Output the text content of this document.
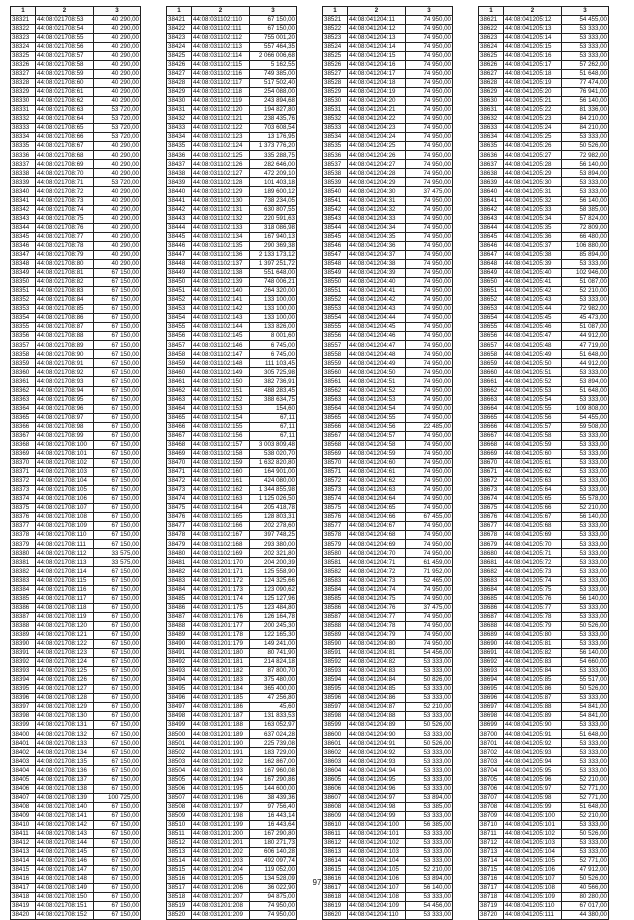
1	2	3
38321	44:08:021708:53	40 290,00
38322	44:08:021708:54	40 290,00
38323	44:08:021708:55	40 290,00
38324	44:08:021708:56	40 290,00
38325	44:08:021708:57	40 290,00
38326	44:08:021708:58	40 290,00
38327	44:08:021708:59	40 290,00
38328	44:08:021708:60	40 290,00
38329	44:08:021708:61	40 290,00
38330	44:08:021708:62	40 290,00
38331	44:08:021708:63	53 720,00
38332	44:08:021708:64	53 720,00
38333	44:08:021708:65	53 720,00
38334	44:08:021708:66	53 720,00
38335	44:08:021708:67	40 290,00
38336	44:08:021708:68	40 290,00
38337	44:08:021708:69	40 290,00
38338	44:08:021708:70	40 290,00
38339	44:08:021708:71	53 720,00
38340	44:08:021708:72	40 290,00
38341	44:08:021708:73	40 290,00
38342	44:08:021708:74	40 290,00
38343	44:08:021708:75	40 290,00
38344	44:08:021708:76	40 290,00
38345	44:08:021708:77	40 290,00
38346	44:08:021708:78	40 290,00
38347	44:08:021708:79	40 290,00
38348	44:08:021708:80	40 290,00
38349	44:08:021708:81	67 150,00
38350	44:08:021708:82	67 150,00
38351	44:08:021708:83	67 150,00
38352	44:08:021708:84	67 150,00
38353	44:08:021708:85	67 150,00
38354	44:08:021708:86	67 150,00
38355	44:08:021708:87	67 150,00
38356	44:08:021708:88	67 150,00
38357	44:08:021708:89	67 150,00
38358	44:08:021708:90	67 150,00
38359	44:08:021708:91	67 150,00
38360	44:08:021708:92	67 150,00
38361	44:08:021708:93	67 150,00
38362	44:08:021708:94	67 150,00
38363	44:08:021708:95	67 150,00
38364	44:08:021708:96	67 150,00
38365	44:08:021708:97	67 150,00
38366	44:08:021708:98	67 150,00
38367	44:08:021708:99	67 150,00
38368	44:08:021708:100	67 150,00
38369	44:08:021708:101	67 150,00
38370	44:08:021708:102	67 150,00
38371	44:08:021708:103	67 150,00
38372	44:08:021708:104	67 150,00
38373	44:08:021708:105	67 150,00
38374	44:08:021708:106	67 150,00
38375	44:08:021708:107	67 150,00
38376	44:08:021708:108	67 150,00
38377	44:08:021708:109	67 150,00
38378	44:08:021708:110	67 150,00
38379	44:08:021708:111	67 150,00
38380	44:08:021708:112	33 575,00
38381	44:08:021708:113	33 575,00
38382	44:08:021708:114	67 150,00
38383	44:08:021708:115	67 150,00
38384	44:08:021708:116	67 150,00
38385	44:08:021708:117	67 150,00
38386	44:08:021708:118	67 150,00
38387	44:08:021708:119	67 150,00
38388	44:08:021708:120	67 150,00
38389	44:08:021708:121	67 150,00
38390	44:08:021708:122	67 150,00
38391	44:08:021708:123	67 150,00
38392	44:08:021708:124	67 150,00
38393	44:08:021708:125	67 150,00
38394	44:08:021708:126	67 150,00
38395	44:08:021708:127	67 150,00
38396	44:08:021708:128	67 150,00
38397	44:08:021708:129	67 150,00
38398	44:08:021708:130	67 150,00
38399	44:08:021708:131	67 150,00
38400	44:08:021708:132	67 150,00
38401	44:08:021708:133	67 150,00
38402	44:08:021708:134	67 150,00
38403	44:08:021708:135	67 150,00
38404	44:08:021708:136	67 150,00
38405	44:08:021708:137	67 150,00
38406	44:08:021708:138	67 150,00
38407	44:08:021708:139	100 725,00
38408	44:08:021708:140	67 150,00
38409	44:08:021708:141	67 150,00
38410	44:08:021708:142	67 150,00
38411	44:08:021708:143	67 150,00
38412	44:08:021708:144	67 150,00
38413	44:08:021708:145	67 150,00
38414	44:08:021708:146	67 150,00
38415	44:08:021708:147	67 150,00
38416	44:08:021708:148	67 150,00
38417	44:08:021708:149	67 150,00
38418	44:08:021708:150	67 150,00
38419	44:08:021708:151	67 150,00
38420	44:08:021708:152	67 150,00
1	2	3
38421	44:08:031102:110	67 150,00
38422	44:08:031102:111	67 150,00
38423	44:08:031102:112	755 001,20
38424	44:08:031102:113	557 464,35
38425	44:08:031102:114	2 066 006,68
38426	44:08:031102:115	5 162,55
38427	44:08:031102:116	749 385,00
38428	44:08:031102:117	517 502,40
38429	44:08:031102:118	254 088,00
38430	44:08:031102:119	243 894,68
38431	44:08:031102:120	194 827,80
38432	44:08:031102:121	238 435,76
38433	44:08:031102:122	703 608,54
38434	44:08:031102:123	13 176,95
38435	44:08:031102:124	1 373 776,20
38436	44:08:031102:125	335 288,75
38437	44:08:031102:126	282 646,00
38438	44:08:031102:127	472 209,10
38439	44:08:031102:128	101 403,18
38440	44:08:031102:129	189 600,12
38441	44:08:031102:130	738 234,05
38442	44:08:031102:131	630 807,55
38443	44:08:031102:132	220 591,63
38444	44:08:031102:133	318 086,98
38445	44:08:031102:134	167 940,13
38446	44:08:031102:135	290 369,38
38447	44:08:031102:136	2 133 173,12
38448	44:08:031102:137	1 397 251,72
38449	44:08:031102:138	551 648,00
38450	44:08:031102:139	748 006,21
38451	44:08:031102:140	264 320,00
38452	44:08:031102:141	133 100,00
38453	44:08:031102:142	133 100,00
38454	44:08:031102:143	133 100,00
38455	44:08:031102:144	133 826,00
38456	44:08:031102:145	8 001,60
38457	44:08:031102:146	6 745,00
38458	44:08:031102:147	6 745,00
38459	44:08:031102:148	111 103,45
38460	44:08:031102:149	305 725,98
38461	44:08:031102:150	382 736,91
38462	44:08:031102:151	488 283,45
38463	44:08:031102:152	388 634,75
38464	44:08:031102:153	154,60
38465	44:08:031102:154	67,11
38466	44:08:031102:155	67,11
38467	44:08:031102:156	67,11
38468	44:08:031102:157	3 003 809,48
38469	44:08:031102:158	538 020,70
38470	44:08:031102:159	1 632 820,80
38471	44:08:031102:160	164 901,00
38472	44:08:031102:161	424 080,00
38473	44:08:031102:162	1 344 855,98
38474	44:08:031102:163	1 125 026,50
38475	44:08:031102:164	205 418,78
38476	44:08:031102:165	128 803,31
38477	44:08:031102:166	202 278,60
38478	44:08:031102:167	397 748,25
38479	44:08:031102:168	293 380,00
38480	44:08:031102:169	202 321,80
38481	44:08:031201:170	204 200,39
38482	44:08:031201:171	125 558,90
38483	44:08:031201:172	124 325,66
38484	44:08:031201:173	123 090,62
38485	44:08:031201:174	125 127,96
38486	44:08:031201:175	123 484,80
38487	44:08:031201:176	126 164,78
38488	44:08:031201:177	200 245,30
38489	44:08:031201:178	122 165,30
38490	44:08:031201:179	149 241,00
38491	44:08:031201:180	80 741,90
38492	44:08:031201:181	214 824,18
38493	44:08:031201:182	87 800,70
38494	44:08:031201:183	375 480,00
38495	44:08:031201:184	365 400,00
38496	44:08:031201:185	47 256,80
38497	44:08:031201:186	45,60
38498	44:08:031201:187	131 833,53
38499	44:08:031201:188	163 052,97
38500	44:08:031201:189	637 024,28
38501	44:08:031201:190	225 739,08
38502	44:08:031201:191	183 729,00
38503	44:08:031201:192	162 867,00
38504	44:08:031201:193	167 960,08
38505	44:08:031201:194	167 290,86
38506	44:08:031201:195	144 600,00
38507	44:08:031201:196	38 439,36
38508	44:08:031201:197	97 756,40
38509	44:08:031201:198	16 443,14
38510	44:08:031201:199	16 443,64
38511	44:08:031201:200	167 290,80
38512	44:08:031201:201	180 271,73
38513	44:08:031201:202	606 140,28
38514	44:08:031201:203	492 097,74
38515	44:08:031201:204	119 052,00
38516	44:08:031201:205	134 528,09
38517	44:08:031201:206	36 022,90
38518	44:08:031201:207	94 875,00
38519	44:08:031201:208	74 950,00
38520	44:08:031201:209	74 950,00
1	2	3
38521	44:08:041204:11	74 950,00
38522	44:08:041204:12	74 950,00
38523	44:08:041204:13	74 950,00
38524	44:08:041204:14	74 950,00
38525	44:08:041204:15	74 950,00
38526	44:08:041204:16	74 950,00
38527	44:08:041204:17	74 950,00
38528	44:08:041204:18	74 950,00
38529	44:08:041204:19	74 950,00
38530	44:08:041204:20	74 950,00
38531	44:08:041204:21	74 950,00
38532	44:08:041204:22	74 950,00
38533	44:08:041204:23	74 950,00
38534	44:08:041204:24	74 950,00
38535	44:08:041204:25	74 950,00
38536	44:08:041204:26	74 950,00
38537	44:08:041204:27	74 950,00
38538	44:08:041204:28	74 950,00
38539	44:08:041204:29	74 950,00
38540	44:08:041204:30	37 475,00
38541	44:08:041204:31	74 950,00
38542	44:08:041204:32	74 950,00
38543	44:08:041204:33	74 950,00
38544	44:08:041204:34	74 950,00
38545	44:08:041204:35	74 950,00
38546	44:08:041204:36	74 950,00
38547	44:08:041204:37	74 950,00
38548	44:08:041204:38	74 950,00
38549	44:08:041204:39	74 950,00
38550	44:08:041204:40	74 950,00
38551	44:08:041204:41	74 950,00
38552	44:08:041204:42	74 950,00
38553	44:08:041204:43	74 950,00
38554	44:08:041204:44	74 950,00
38555	44:08:041204:45	74 950,00
38556	44:08:041204:46	74 950,00
38557	44:08:041204:47	74 950,00
38558	44:08:041204:48	74 950,00
38559	44:08:041204:49	74 950,00
38560	44:08:041204:50	74 950,00
38561	44:08:041204:51	74 950,00
38562	44:08:041204:52	74 950,00
38563	44:08:041204:53	74 950,00
38564	44:08:041204:54	74 950,00
38565	44:08:041204:55	74 950,00
38566	44:08:041204:56	22 485,00
38567	44:08:041204:57	74 950,00
38568	44:08:041204:58	74 950,00
38569	44:08:041204:59	74 950,00
38570	44:08:041204:60	74 950,00
38571	44:08:041204:61	74 950,00
38572	44:08:041204:62	74 950,00
38573	44:08:041204:63	74 950,00
38574	44:08:041204:64	74 950,00
38575	44:08:041204:65	74 950,00
38576	44:08:041204:66	67 455,00
38577	44:08:041204:67	74 950,00
38578	44:08:041204:68	74 950,00
38579	44:08:041204:69	74 950,00
38580	44:08:041204:70	74 950,00
38581	44:08:041204:71	61 459,00
38582	44:08:041204:72	71 952,00
38583	44:08:041204:73	52 465,00
38584	44:08:041204:74	74 950,00
38585	44:08:041204:75	74 950,00
38586	44:08:041204:76	37 475,00
38587	44:08:041204:77	74 950,00
38588	44:08:041204:78	74 950,00
38589	44:08:041204:79	74 950,00
38590	44:08:041204:80	74 950,00
38591	44:08:041204:81	54 456,00
38592	44:08:041204:82	53 333,00
38593	44:08:041204:83	53 333,00
38594	44:08:041204:84	50 826,00
38595	44:08:041204:85	53 333,00
38596	44:08:041204:86	53 333,00
38597	44:08:041204:87	52 210,00
38598	44:08:041204:88	53 333,00
38599	44:08:041204:89	50 526,00
38600	44:08:041204:90	53 333,00
38601	44:08:041204:91	50 526,00
38602	44:08:041204:92	53 333,00
38603	44:08:041204:93	53 333,00
38604	44:08:041204:94	53 333,00
38605	44:08:041204:95	53 333,00
38606	44:08:041204:96	53 333,00
38607	44:08:041204:97	53 894,00
38608	44:08:041204:98	53 385,00
38609	44:08:041204:99	53 333,00
38610	44:08:041204:100	56 385,00
38611	44:08:041204:101	53 333,00
38612	44:08:041204:102	53 333,00
38613	44:08:041204:103	53 333,00
38614	44:08:041204:104	53 333,00
38615	44:08:041204:105	52 210,00
38616	44:08:041204:106	53 894,00
38617	44:08:041204:107	56 140,00
38618	44:08:041204:108	53 333,00
38619	44:08:041204:109	54 456,00
38620	44:08:041204:110	53 333,00
1	2	3
38621	44:08:041205:12	54 455,00
38622	44:08:041205:13	53 333,00
38623	44:08:041205:14	53 333,00
38624	44:08:041205:15	53 333,00
38625	44:08:041205:16	53 333,00
38626	44:08:041205:17	57 262,00
38627	44:08:041205:18	51 648,00
38628	44:08:041205:19	77 474,00
38629	44:08:041205:20	76 941,00
38630	44:08:041205:21	56 140,00
38631	44:08:041205:22	81 336,00
38632	44:08:041205:23	84 210,00
38633	44:08:041205:24	84 210,00
38634	44:08:041205:25	53 333,00
38635	44:08:041205:26	50 526,00
38636	44:08:041205:27	72 982,00
38637	44:08:041205:28	56 140,00
38638	44:08:041205:29	53 894,00
38639	44:08:041205:30	53 333,00
38640	44:08:041205:31	53 333,00
38641	44:08:041205:32	56 140,00
38642	44:08:041205:33	58 385,00
38643	44:08:041205:34	57 824,00
38644	44:08:041205:35	72 809,00
38645	44:08:041205:36	66 480,00
38646	44:08:041205:37	106 880,00
38647	44:08:041205:38	85 894,00
38648	44:08:041205:39	53 333,00
38649	44:08:041205:40	102 946,00
38650	44:08:041205:41	51 087,00
38651	44:08:041205:42	52 210,00
38652	44:08:041205:43	53 333,00
38653	44:08:041205:44	72 982,00
38654	44:08:041205:45	45 473,00
38655	44:08:041205:46	51 087,00
38656	44:08:041205:47	44 912,00
38657	44:08:041205:48	47 719,00
38658	44:08:041205:49	51 648,00
38659	44:08:041205:50	44 912,00
38660	44:08:041205:51	53 333,00
38661	44:08:041205:52	53 894,00
38662	44:08:041205:53	51 648,00
38663	44:08:041205:54	53 333,00
38664	44:08:041205:55	109 808,00
38665	44:08:041205:56	54 455,00
38666	44:08:041205:57	59 508,00
38667	44:08:041205:58	53 333,00
38668	44:08:041205:59	53 333,00
38669	44:08:041205:60	53 333,00
38670	44:08:041205:61	53 333,00
38671	44:08:041205:62	53 333,00
38672	44:08:041205:63	53 333,00
38673	44:08:041205:64	53 333,00
38674	44:08:041205:65	55 578,00
38675	44:08:041205:66	52 210,00
38676	44:08:041205:67	56 140,00
38677	44:08:041205:68	53 333,00
38678	44:08:041205:69	53 333,00
38679	44:08:041205:70	53 333,00
38680	44:08:041205:71	53 333,00
38681	44:08:041205:72	53 333,00
38682	44:08:041205:73	53 333,00
38683	44:08:041205:74	53 333,00
38684	44:08:041205:75	53 333,00
38685	44:08:041205:76	56 140,00
38686	44:08:041205:77	53 333,00
38687	44:08:041205:78	53 333,00
38688	44:08:041205:79	50 526,00
38689	44:08:041205:80	53 333,00
38690	44:08:041205:81	53 333,00
38691	44:08:041205:82	56 140,00
38692	44:08:041205:83	54 660,00
38693	44:08:041205:84	53 333,00
38694	44:08:041205:85	55 517,00
38695	44:08:041205:86	50 526,00
38696	44:08:041205:87	53 333,00
38697	44:08:041205:88	54 841,00
38698	44:08:041205:89	54 841,00
38699	44:08:041205:90	53 333,00
38700	44:08:041205:91	51 648,00
38701	44:08:041205:92	53 333,00
38702	44:08:041205:93	53 333,00
38703	44:08:041205:94	53 333,00
38704	44:08:041205:95	53 333,00
38705	44:08:041205:96	52 210,00
38706	44:08:041205:97	52 771,00
38707	44:08:041205:98	52 771,00
38708	44:08:041205:99	51 648,00
38709	44:08:041205:100	52 210,00
38710	44:08:041205:101	53 333,00
38711	44:08:041205:102	50 526,00
38712	44:08:041205:103	53 333,00
38713	44:08:041205:104	53 333,00
38714	44:08:041205:105	52 771,00
38715	44:08:041205:106	47 912,00
38716	44:08:041205:107	50 526,00
38717	44:08:041205:108	40 566,00
38718	44:08:041205:109	80 280,00
38719	44:08:041205:110	67 017,00
38720	44:08:041205:111	44 380,00
97
